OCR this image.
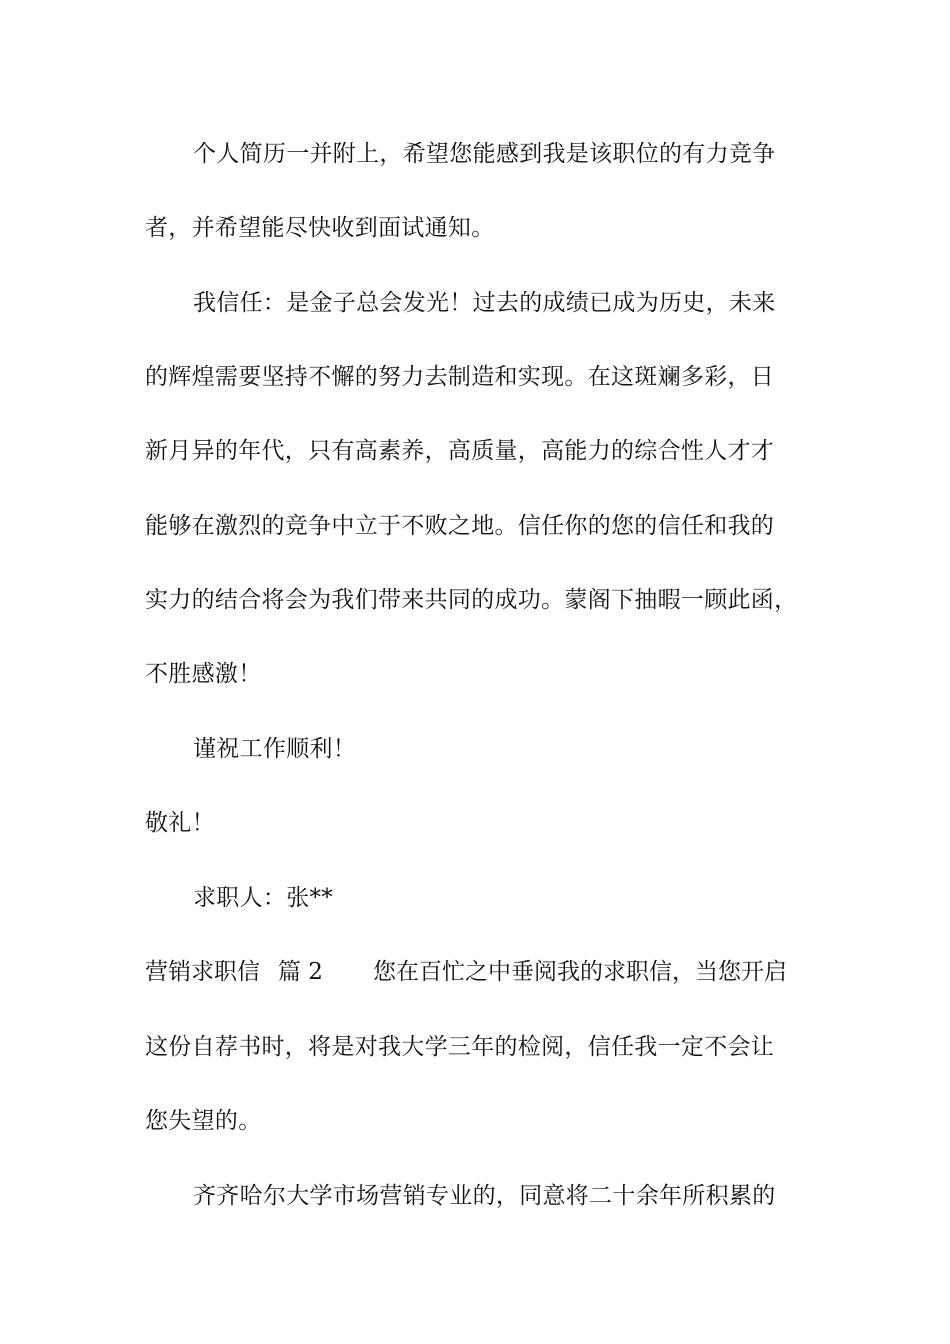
个人简历一并附上，希望您能感到我是该职位的有力竞争
者，并希望能尽快收到面试通知。
我信任：是金子总会发光！过去的成绩已成为历史，未来
的辉煌需要坚持不懈的努力去制造和实现。在这斑斓多彩，日
新月异的年代，只有高素养，高质量，高能力的综合性人才才
能够在激烈的竞争中立于不败之地。信任你的您的信任和我的
实力的结合将会为我们带来共同的成功。蒙阁下抽暇一顾此函，
不胜感激！
谨祝工作顺利！
敬礼！
求职人：张**
营销求职信 篇 2 您在百忙之中垂阅我的求职信，当您开启
这份自荐书时，将是对我大学三年的检阅，信任我一定不会让
您失望的。
齐齐哈尔大学市场营销专业的，同意将二十余年所积累的
